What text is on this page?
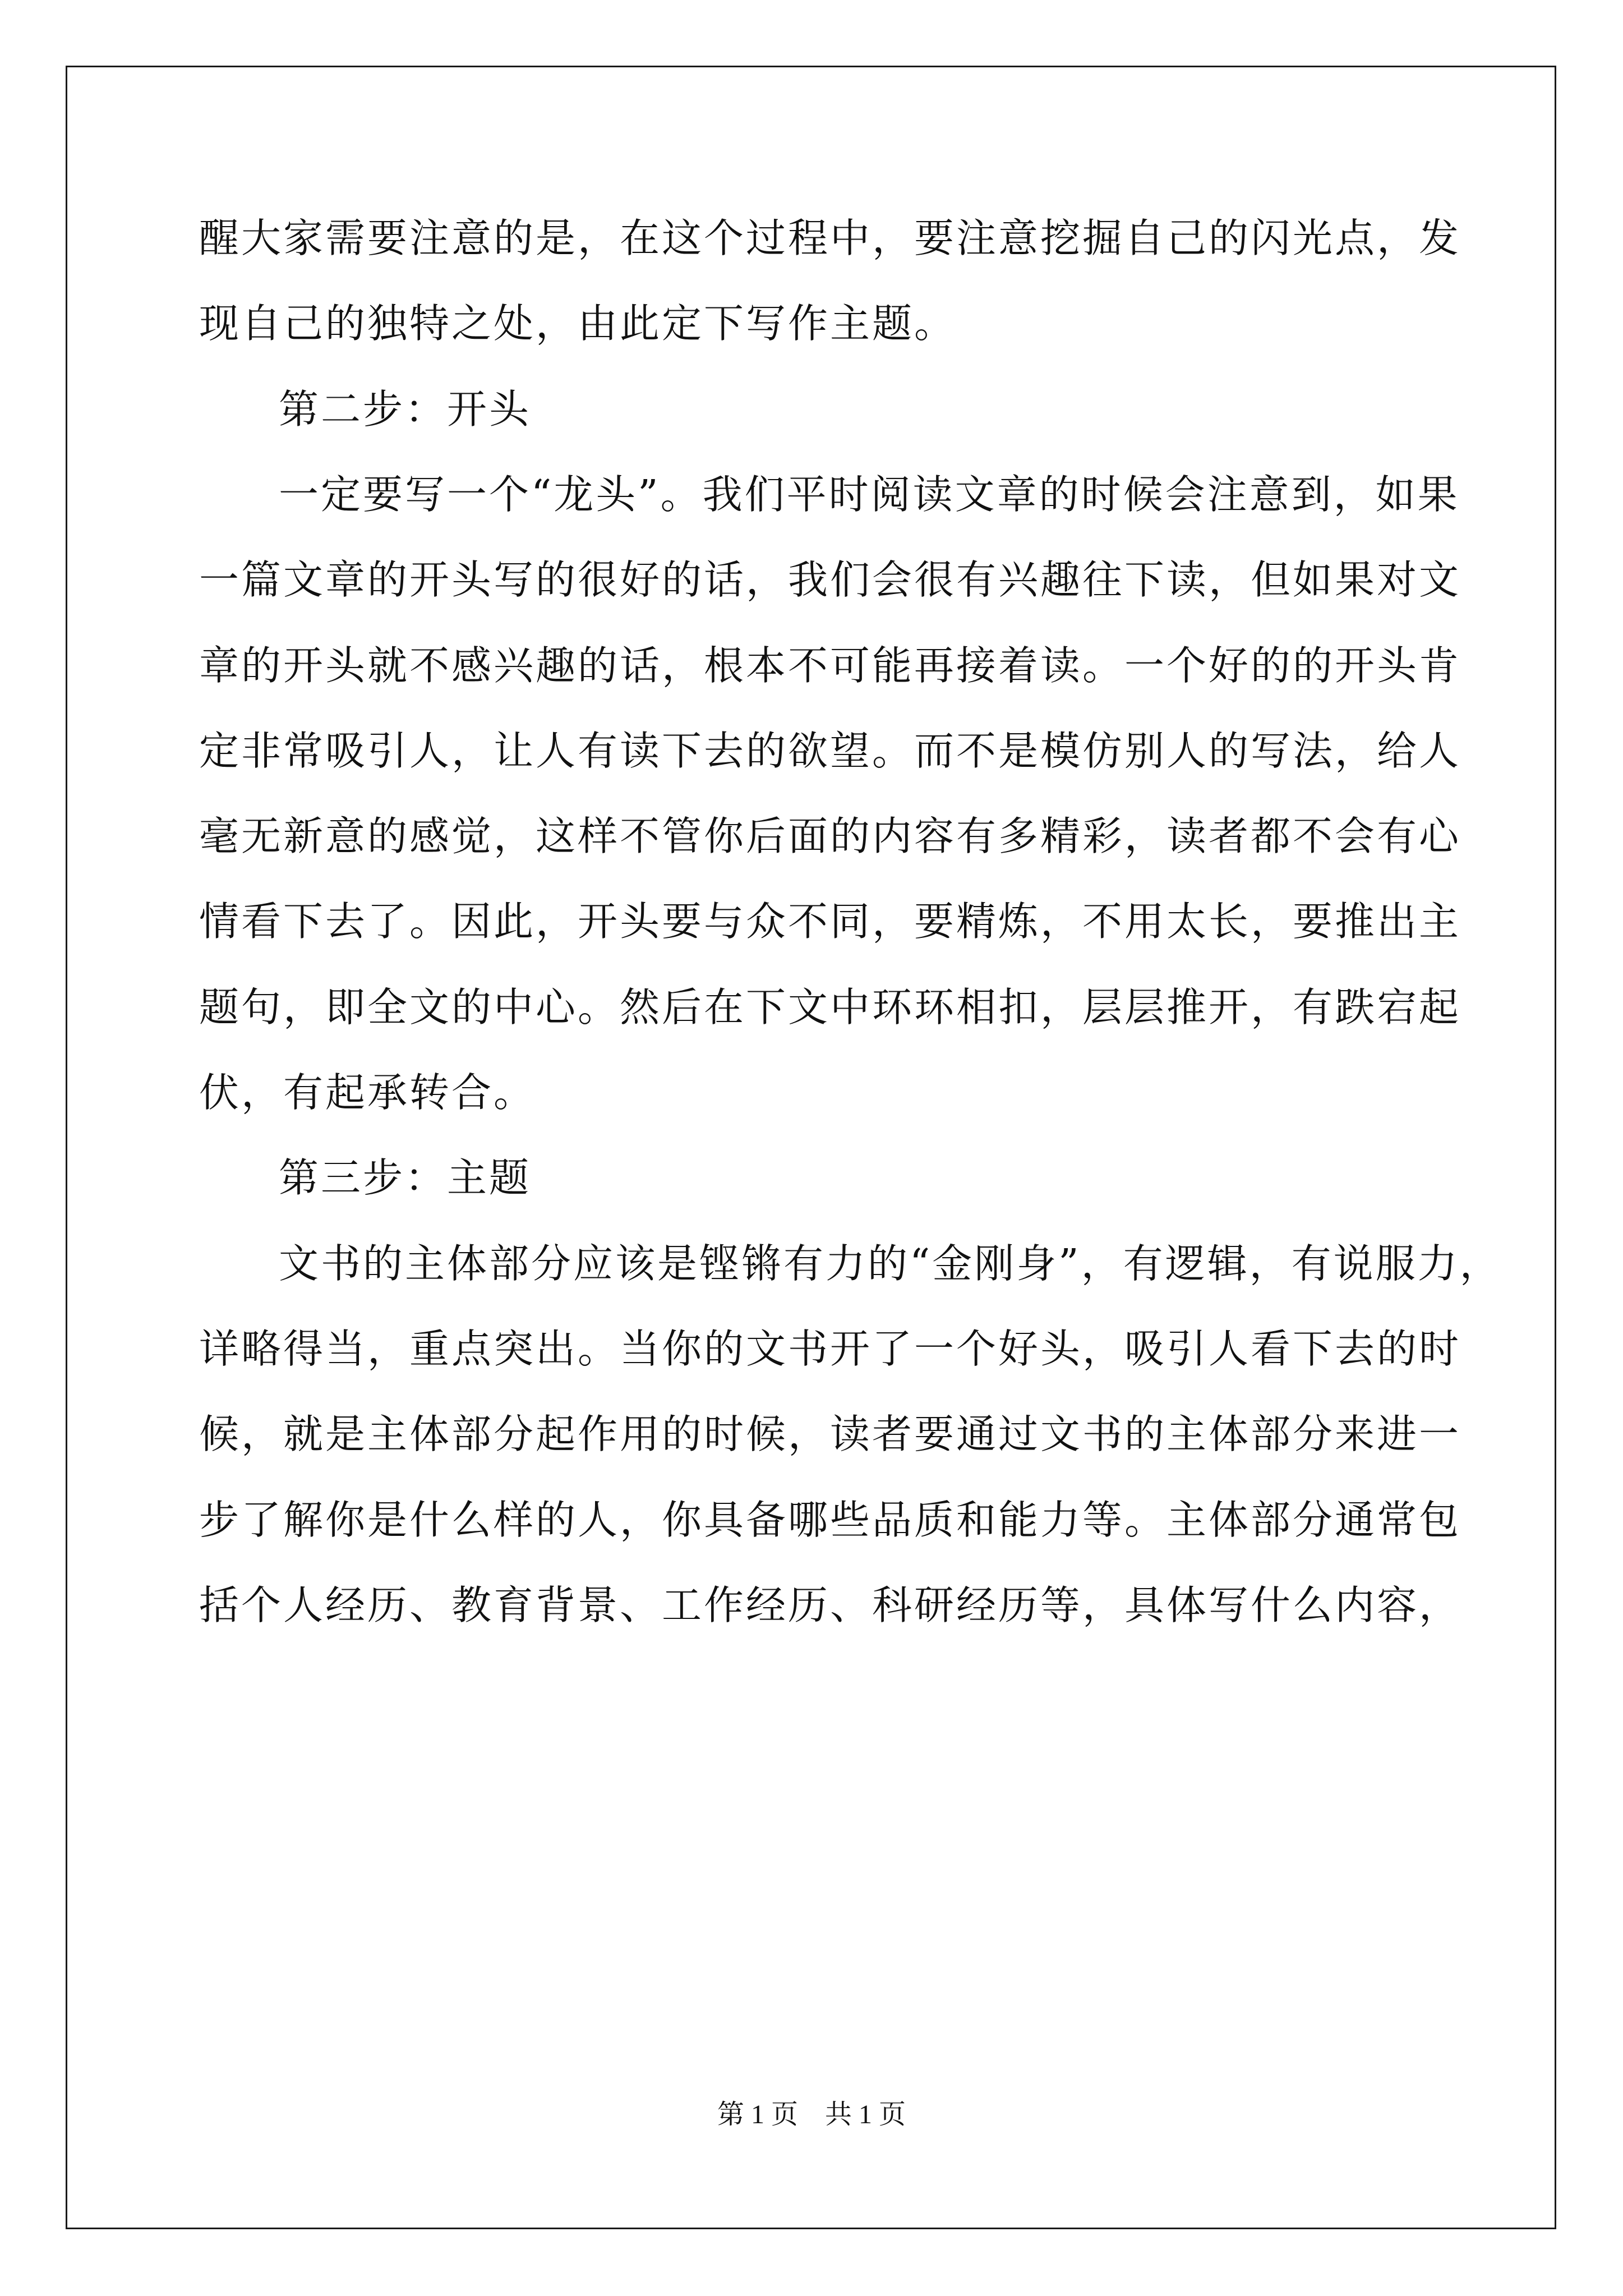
醒大家需要注意的是，在这个过程中，要注意挖掘自己的闪光点，发
现自己的独特之处，由此定下写作主题。
第二步：开头
一定要写一个“龙头”。我们平时阅读文章的时候会注意到，如果
一篇文章的开头写的很好的话，我们会很有兴趣往下读，但如果对文
章的开头就不感兴趣的话，根本不可能再接着读。一个好的的开头肯
定非常吸引人，让人有读下去的欲望。而不是模仿别人的写法，给人
毫无新意的感觉，这样不管你后面的内容有多精彩，读者都不会有心
情看下去了。因此，开头要与众不同，要精炼，不用太长，要推出主
题句，即全文的中心。然后在下文中环环相扣，层层推开，有跌宕起
伏，有起承转合。
第三步：主题
文书的主体部分应该是铿锵有力的“金刚身”，有逻辑，有说服力，
详略得当，重点突出。当你的文书开了一个好头，吸引人看下去的时
候，就是主体部分起作用的时候，读者要通过文书的主体部分来进一
步了解你是什么样的人，你具备哪些品质和能力等。主体部分通常包
括个人经历、教育背景、工作经历、科研经历等，具体写什么内容，
第 1 页　共 1 页
